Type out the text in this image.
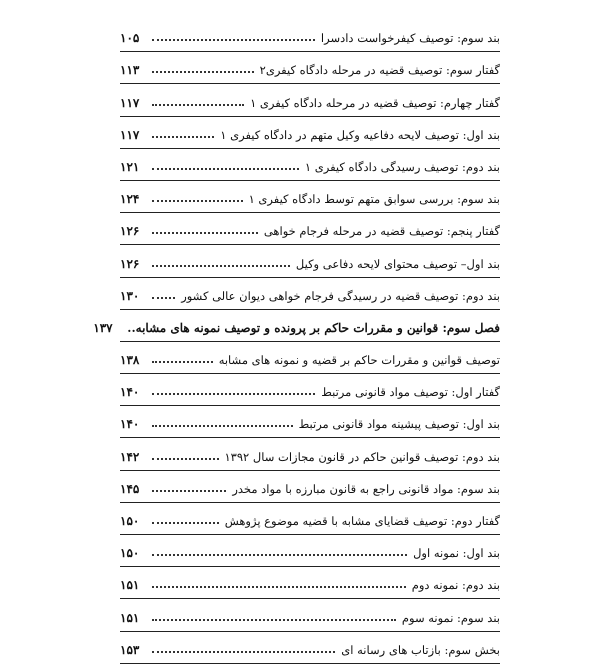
بند سوم: توصیف کیفرخواست دادسرا
۱۰۵
گفتار سوم: توصیف قضیه در مرحله دادگاه کیفری۲
۱۱۳
گفتار چهارم: توصیف قضیه در مرحله دادگاه کیفری ۱
۱۱۷
بند اول: توصیف لایحه دفاعیه وکیل متهم در دادگاه کیفری ۱
۱۱۷
بند دوم: توصیف رسیدگی دادگاه کیفری ۱
۱۲۱
بند سوم: بررسی سوابق متهم توسط دادگاه کیفری ۱
۱۲۴
گفتار پنجم: توصیف قضیه در مرحله فرجام خواهی
۱۲۶
بند اول– توصیف محتوای لایحه دفاعی وکیل
۱۲۶
بند دوم: توصیف قضیه در رسیدگی فرجام خواهی دیوان عالی کشور
۱۳۰
فصل سوم: قوانین و مقررات حاکم بر پرونده و توصیف نمونه های مشابه..
۱۳۷
توصیف قوانین و مقررات حاکم بر قضیه و نمونه های مشابه
۱۳۸
گفتار اول: توصیف مواد قانونی مرتبط
۱۴۰
بند اول: توصیف پیشینه مواد قانونی مرتبط
۱۴۰
بند دوم: توصیف قوانین حاکم در قانون مجازات سال ۱۳۹۲
۱۴۲
بند سوم: مواد قانونی راجع به قانون مبارزه با مواد مخدر
۱۴۵
گفتار دوم: توصیف قضایای مشابه با قضیه موضوع پژوهش
۱۵۰
بند اول: نمونه اول
۱۵۰
بند دوم: نمونه دوم
۱۵۱
بند سوم: نمونه سوم
۱۵۱
بخش سوم: بازتاب های رسانه ای
۱۵۳
